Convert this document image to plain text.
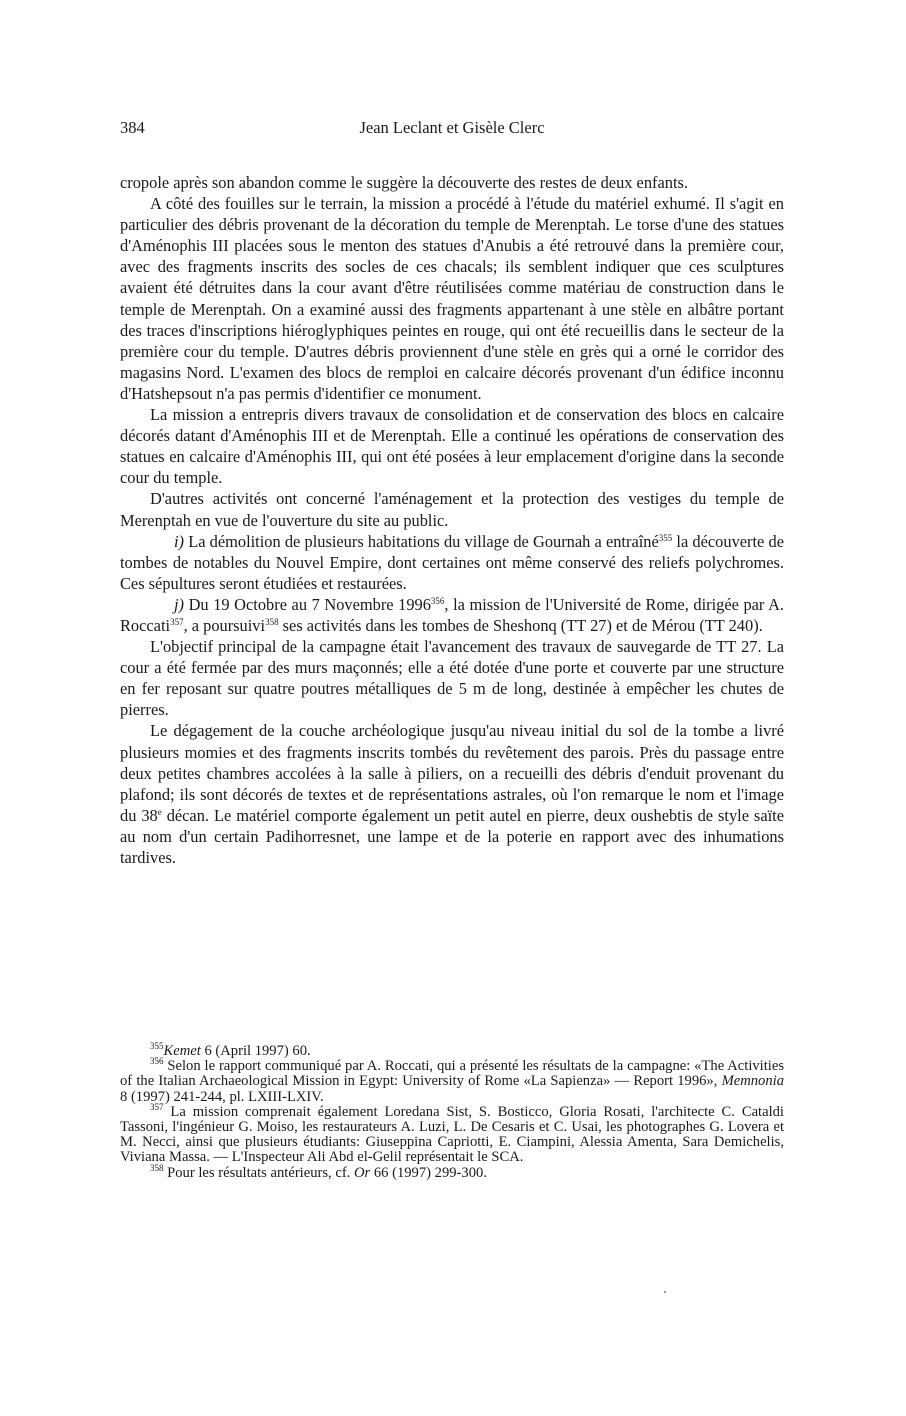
384	Jean Leclant et Gisèle Clerc

cropole après son abandon comme le suggère la découverte des restes de deux enfants.

A côté des fouilles sur le terrain, la mission a procédé à l'étude du matériel exhumé. Il s'agit en particulier des débris provenant de la décoration du temple de Merenptah. Le torse d'une des statues d'Aménophis III placées sous le menton des statues d'Anubis a été retrouvé dans la première cour, avec des fragments inscrits des socles de ces chacals; ils semblent indiquer que ces sculptures avaient été détruites dans la cour avant d'être réutilisées comme matériau de construction dans le temple de Merenptah. On a examiné aussi des fragments appartenant à une stèle en albâtre portant des traces d'inscriptions hiéroglyphiques peintes en rouge, qui ont été recueillis dans le secteur de la première cour du temple. D'autres débris proviennent d'une stèle en grès qui a orné le corridor des magasins Nord. L'examen des blocs de remploi en calcaire décorés provenant d'un édifice inconnu d'Hatshepsout n'a pas permis d'identifier ce monument.

La mission a entrepris divers travaux de consolidation et de conservation des blocs en calcaire décorés datant d'Aménophis III et de Merenptah. Elle a continué les opérations de conservation des statues en calcaire d'Aménophis III, qui ont été posées à leur emplacement d'origine dans la seconde cour du temple.

D'autres activités ont concerné l'aménagement et la protection des vestiges du temple de Merenptah en vue de l'ouverture du site au public.

i) La démolition de plusieurs habitations du village de Gournah a entraîné$^{355}$ la découverte de tombes de notables du Nouvel Empire, dont certaines ont même conservé des reliefs polychromes. Ces sépultures seront étudiées et restaurées.

j) Du 19 Octobre au 7 Novembre 1996$^{356}$, la mission de l'Université de Rome, dirigée par A. Roccati$^{357}$, a poursuivi$^{358}$ ses activités dans les tombes de Sheshonq (TT 27) et de Mérou (TT 240).

L'objectif principal de la campagne était l'avancement des travaux de sauvegarde de TT 27. La cour a été fermée par des murs maçonnés; elle a été dotée d'une porte et couverte par une structure en fer reposant sur quatre poutres métalliques de 5 m de long, destinée à empêcher les chutes de pierres.

Le dégagement de la couche archéologique jusqu'au niveau initial du sol de la tombe a livré plusieurs momies et des fragments inscrits tombés du revêtement des parois. Près du passage entre deux petites chambres accolées à la salle à piliers, on a recueilli des débris d'enduit provenant du plafond; ils sont décorés de textes et de représentations astrales, où l'on remarque le nom et l'image du 38e décan. Le matériel comporte également un petit autel en pierre, deux oushebtis de style saïte au nom d'un certain Padihorresnet, une lampe et de la poterie en rapport avec des inhumations tardives.

$^{355}$Kemet 6 (April 1997) 60.

$^{356}$ Selon le rapport communiqué par A. Roccati, qui a présenté les résultats de la campagne: «The Activities of the Italian Archaeological Mission in Egypt: University of Rome «La Sapienza» — Report 1996», Memnonia 8 (1997) 241-244, pl. LXIII-LXIV.

$^{357}$ La mission comprenait également Loredana Sist, S. Bosticco, Gloria Rosati, l'architecte C. Cataldi Tassoni, l'ingénieur G. Moiso, les restaurateurs A. Luzi, L. De Cesaris et C. Usai, les photographes G. Lovera et M. Necci, ainsi que plusieurs étudiants: Giuseppina Capriotti, E. Ciampini, Alessia Amenta, Sara Demichelis, Viviana Massa. — L'Inspecteur Ali Abd el-Gelil représentait le SCA.

$^{358}$ Pour les résultats antérieurs, cf. Or 66 (1997) 299-300.
